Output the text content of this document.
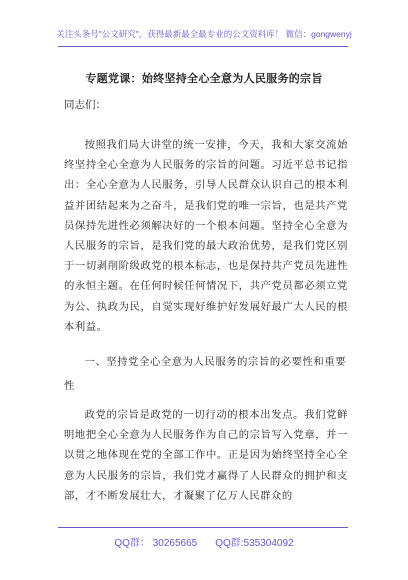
关注头条号"公文研究"，获得最新最全最专业的公文资料库！ 微信：gongwenyj
专题党课：始终坚持全心全意为人民服务的宗旨
同志们：
按照我们局大讲堂的统一安排，今天，我和大家交流始终坚持全心全意为人民服务的宗旨的问题。习近平总书记指出：全心全意为人民服务，引导人民群众认识自己的根本利益并团结起来为之奋斗，是我们党的唯一宗旨，也是共产党员保持先进性必须解决好的一个根本问题。坚持全心全意为人民服务的宗旨，是我们党的最大政治优势，是我们党区别于一切剥削阶级政党的根本标志，也是保持共产党员先进性的永恒主题。在任何时候任何情况下，共产党员都必须立党为公、执政为民，自觉实现好维护好发展好最广大人民的根本利益。
一、坚持党全心全意为人民服务的宗旨的必要性和重要性
政党的宗旨是政党的一切行动的根本出发点。我们党鲜明地把全心全意为人民服务作为自己的宗旨写入党章，并一以贯之地体现在党的全部工作中。正是因为始终坚持全心全意为人民服务的宗旨，我们党才赢得了人民群众的拥护和支部，才不断发展壮大，才凝聚了亿万人民群众的
QQ群： 30265665 QQ群:535304092
